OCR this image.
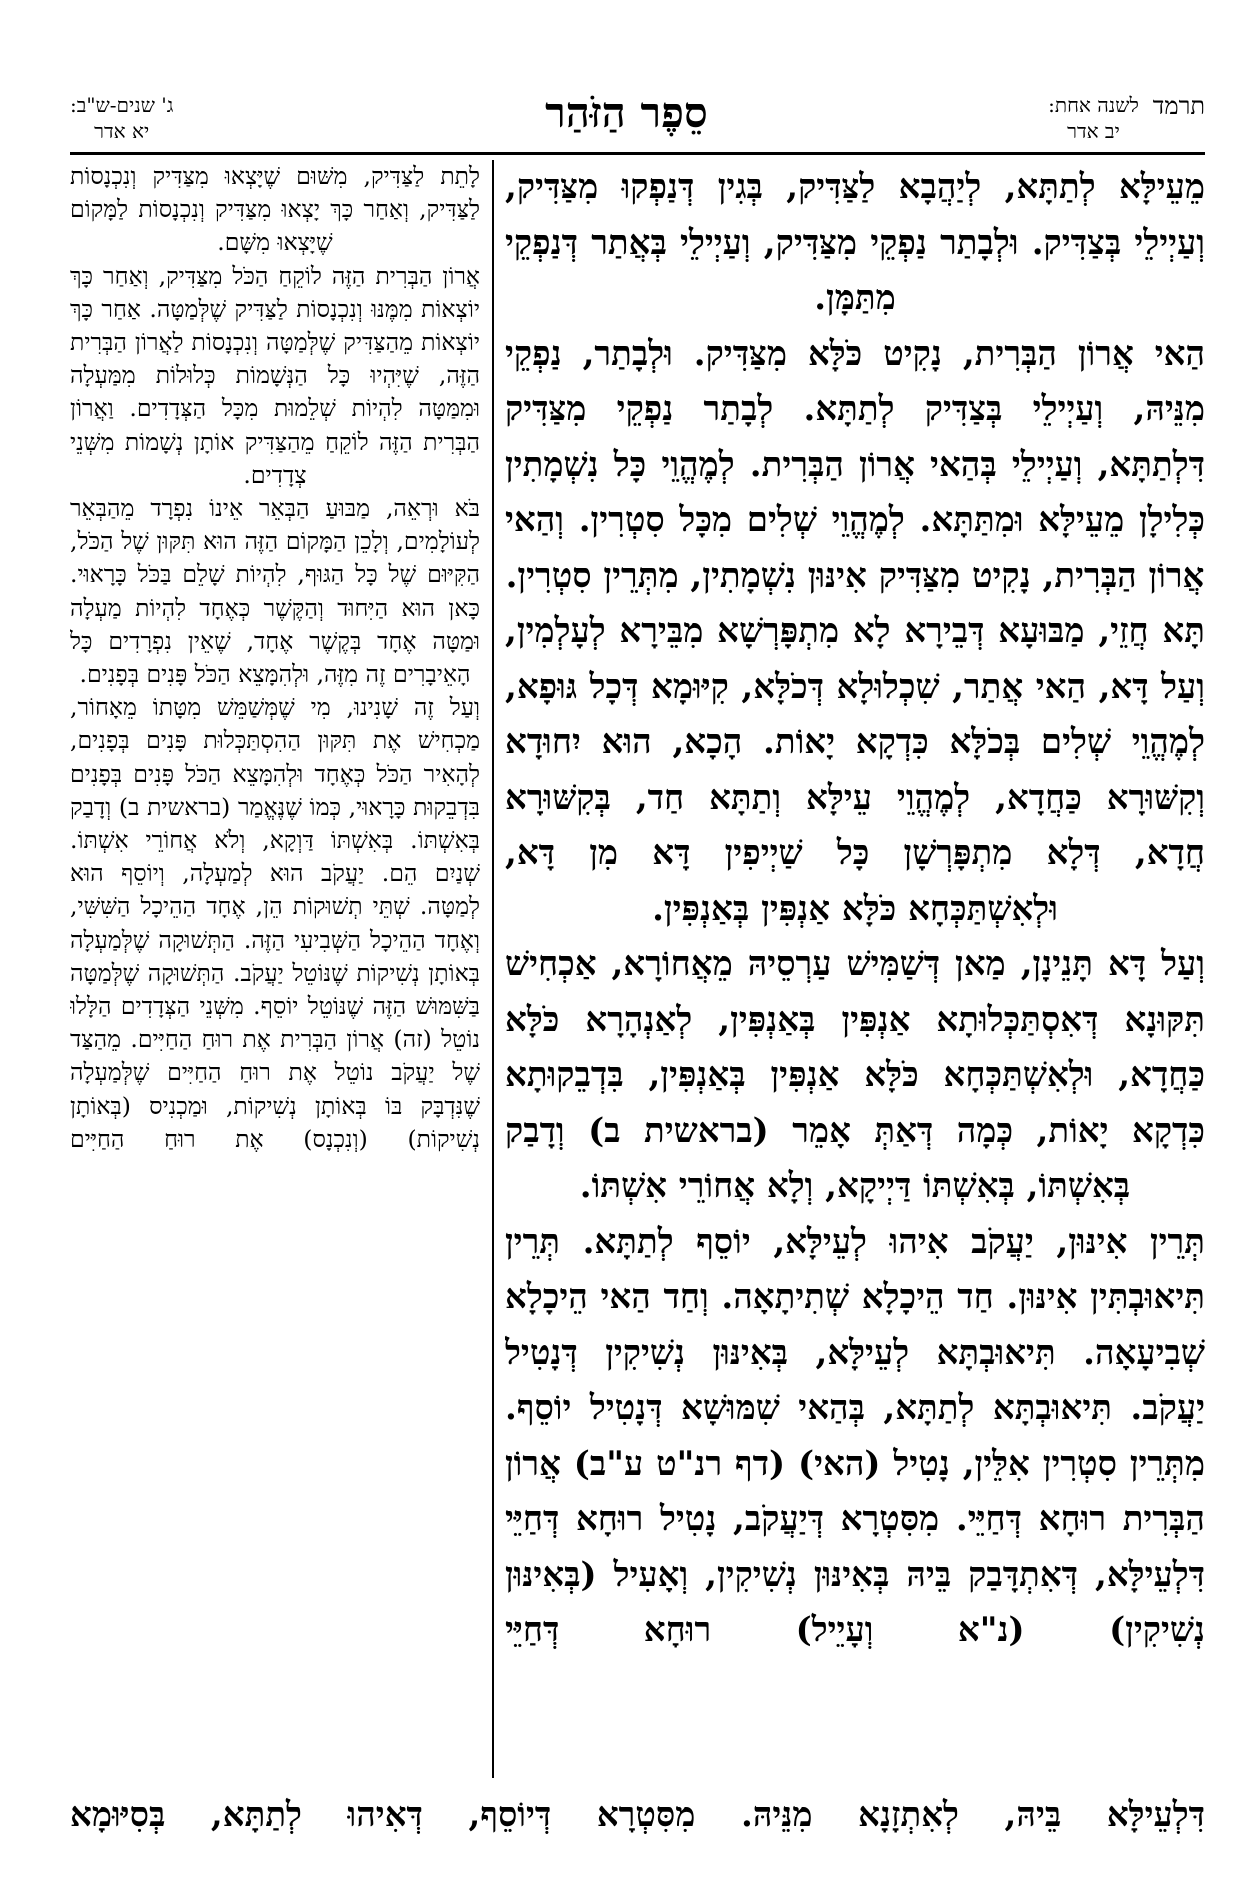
תרמד
לשנה אחת:
יב אדר
סֵפֶר הַזֹּהַר
ג' שנים-ש"ב:
יא אדר

מֵעֵילָּא לְתַתָּא, לְיַהֲבָא לַצַּדִּיק, בְּגִין דְּנַפְקוּ מִצַּדִּיק, וְעַיְילֵי בְּצַדִּיק. וּלְבָתַר נַפְקֵי מִצַּדִּיק, וְעַיְילֵי בְּאֲתַר דְּנַפְקֵי מִתַּמָּן.

הַאי אֲרוֹן הַבְּרִית, נָקִיט כֹּלָּא מִצַּדִּיק. וּלְבָתַר, נַפְקֵי מִנֵּיהּ, וְעַיְילֵי בְּצַדִּיק לְתַתָּא. לְבָתַר נַפְקֵי מִצַּדִּיק דִּלְתַתָּא, וְעַיְילֵי בְּהַאי אֲרוֹן הַבְּרִית. לְמֶהֱוֵי כָּל נִשְׁמָתִין כְּלִילָן מֵעֵילָּא וּמִתַּתָּא. לְמֶהֱוֵי שְׁלִים מִכָּל סִטְרִין. וְהַאי אֲרוֹן הַבְּרִית, נָקִיט מִצַּדִּיק אִינּוּן נִשְׁמָתִין, מִתְּרֵין סִטְרִין.

תָּא חֲזֵי, מַבּוּעָא דְּבֵירָא לָא מִתְפָּרְשָׁא מִבֵּירָא לְעָלְמִין, וְעַל דָּא, הַאי אֲתַר, שִׁכְלוּלָא דְּכֹלָּא, קִיּוּמָא דְּכָל גּוּפָא, לְמֶהֱוֵי שְׁלִים בְּכֹלָּא כִּדְקָא יָאוֹת. הָכָא, הוּא יִחוּדָא וְקִשּׁוּרָא כַּחֲדָא, לְמֶהֱוֵי עֵילָּא וְתַתָּא חַד, בְּקִשּׁוּרָא חֲדָא, דְּלָא מִתְפָּרְשָׁן כָּל שַׁיְיפִין דָּא מִן דָּא, וּלְאִשְׁתַּכְּחָא כֹּלָּא אַנְפִּין בְּאַנְפִּין.

וְעַל דָּא תָּנֵינָן, מַאן דְּשַׁמִּישׁ עַרְסֵיהּ מֵאֲחוֹרָא, אַכְחִישׁ תִּקּוּנָא דְּאִסְתַּכְּלוּתָא אַנְפִּין בְּאַנְפִּין, לְאַנְהָרָא כֹּלָּא כַּחֲדָא, וּלְאִשְׁתַּכְּחָא כֹּלָּא אַנְפִּין בְּאַנְפִּין, בִּדְבֵקוּתָא כִּדְקָא יָאוֹת, כְּמָה דְּאַתְּ אָמֵר (בראשית ב) וְדָבַק בְּאִשְׁתּוֹ, בְּאִשְׁתּוֹ דַּיְיקָא, וְלָא אֲחוֹרֵי אִשְׁתּוֹ.

תְּרֵין אִינּוּן, יַעֲקֹב אִיהוּ לְעֵילָּא, יוֹסֵף לְתַתָּא. תְּרֵין תִּיאוּבְתִּין אִינּוּן. חַד הֵיכָלָא שְׁתִיתָאָה. וְחַד הַאי הֵיכָלָא שְׁבִיעָאָה. תִּיאוּבְתָּא לְעֵילָּא, בְּאִינּוּן נְשִׁיקִין דְּנָטִיל יַעֲקֹב. תִּיאוּבְתָּא לְתַתָּא, בְּהַאי שִׁמּוּשָׁא דְּנָטִיל יוֹסֵף. מִתְּרֵין סִטְרִין אִלֵּין, נָטִיל (האי) (דף רנ"ט ע"ב) אֲרוֹן הַבְּרִית רוּחָא דְּחַיֵּי. מִסִּטְרָא דְּיַעֲקֹב, נָטִיל רוּחָא דְּחַיֵּי דִּלְעֵילָּא, דְּאִתְדָּבַק בֵּיהּ בְּאִינּוּן נְשִׁיקִין, וְאָעִיל (בְּאִינּוּן נְשִׁיקִין) (נ"א וְעָיֵיל) רוּחָא דְּחַיֵּי

לָתֵת לַצַּדִּיק, מִשּׁוּם שֶׁיָּצְאוּ מִצַּדִּיק וְנִכְנָסוֹת לַצַּדִּיק, וְאַחַר כָּךְ יָצְאוּ מִצַּדִּיק וְנִכְנָסוֹת לַמָּקוֹם שֶׁיָּצְאוּ מִשָּׁם.

אֲרוֹן הַבְּרִית הַזֶּה לוֹקֵחַ הַכֹּל מִצַּדִּיק, וְאַחַר כָּךְ יוֹצְאוֹת מִמֶּנּוּ וְנִכְנָסוֹת לַצַּדִּיק שֶׁלְּמַטָּה. אַחַר כָּךְ יוֹצְאוֹת מֵהַצַּדִּיק שֶׁלְּמַטָּה וְנִכְנָסוֹת לַאֲרוֹן הַבְּרִית הַזֶּה, שֶׁיִּהְיוּ כָּל הַנְּשָׁמוֹת כְּלוּלוֹת מִמַּעְלָה וּמִמַּטָּה לִהְיוֹת שְׁלֵמוּת מִכָּל הַצְּדָדִים. וַאֲרוֹן הַבְּרִית הַזֶּה לוֹקֵחַ מֵהַצַּדִּיק אוֹתָן נְשָׁמוֹת מִשְּׁנֵי צְדָדִים.

בֹּא וּרְאֵה, מַבּוּעַ הַבְּאֵר אֵינוֹ נִפְרָד מֵהַבְּאֵר לְעוֹלָמִים, וְלָכֵן הַמָּקוֹם הַזֶּה הוּא תִּקּוּן שֶׁל הַכֹּל, הַקִּיּוּם שֶׁל כָּל הַגּוּף, לִהְיוֹת שָׁלֵם בַּכֹּל כָּרָאוּי. כָּאן הוּא הַיִּחוּד וְהַקֶּשֶׁר כְּאֶחָד לִהְיוֹת מַעְלָה וּמַטָּה אֶחָד בְּקֶשֶׁר אֶחָד, שֶׁאֵין נִפְרָדִים כָּל הָאֵיבָרִים זֶה מִזֶּה, וּלְהִמָּצֵא הַכֹּל פָּנִים בְּפָנִים.

וְעַל זֶה שָׁנִינוּ, מִי שֶׁמְּשַׁמֵּשׁ מִטָּתוֹ מֵאָחוֹר, מַכְחִישׁ אֶת תִּקּוּן הַהִסְתַּכְּלוּת פָּנִים בְּפָנִים, לְהָאִיר הַכֹּל כְּאֶחָד וּלְהִמָּצֵא הַכֹּל פָּנִים בְּפָנִים בִּדְבֵקוּת כָּרָאוּי, כְּמוֹ שֶׁנֶּאֱמַר (בראשית ב) וְדָבַק בְּאִשְׁתּוֹ. בְּאִשְׁתּוֹ דַּוְקָא, וְלֹא אֲחוֹרֵי אִשְׁתּוֹ. שְׁנַיִם הֵם. יַעֲקֹב הוּא לְמַעְלָה, וְיוֹסֵף הוּא לְמַטָּה. שְׁתֵּי תְשׁוּקוֹת הֵן, אֶחָד הַהֵיכָל הַשִּׁשִּׁי, וְאֶחָד הַהֵיכָל הַשְּׁבִיעִי הַזֶּה. הַתְּשׁוּקָה שֶׁלְּמַעְלָה בְּאוֹתָן נְשִׁיקוֹת שֶׁנּוֹטֵל יַעֲקֹב. הַתְּשׁוּקָה שֶׁלְּמַטָּה בַּשִּׁמּוּשׁ הַזֶּה שֶׁנּוֹטֵל יוֹסֵף. מִשְּׁנֵי הַצְּדָדִים הַלָּלוּ נוֹטֵל (זה) אֲרוֹן הַבְּרִית אֶת רוּחַ הַחַיִּים. מֵהַצַּד שֶׁל יַעֲקֹב נוֹטֵל אֶת רוּחַ הַחַיִּים שֶׁלְּמַעְלָה שֶׁנִּדְבָּק בּוֹ בְּאוֹתָן נְשִׁיקוֹת, וּמַכְנִיס (בְּאוֹתָן נְשִׁיקוֹת) (וְנִכְנָס) אֶת רוּחַ הַחַיִּים

דִּלְעֵילָּא בֵּיהּ, לְאִתְזָנָא מִנֵּיהּ. מִסִּטְרָא דְּיוֹסֵף, דְּאִיהוּ לְתַתָּא, בְּסִיּוּמָא
